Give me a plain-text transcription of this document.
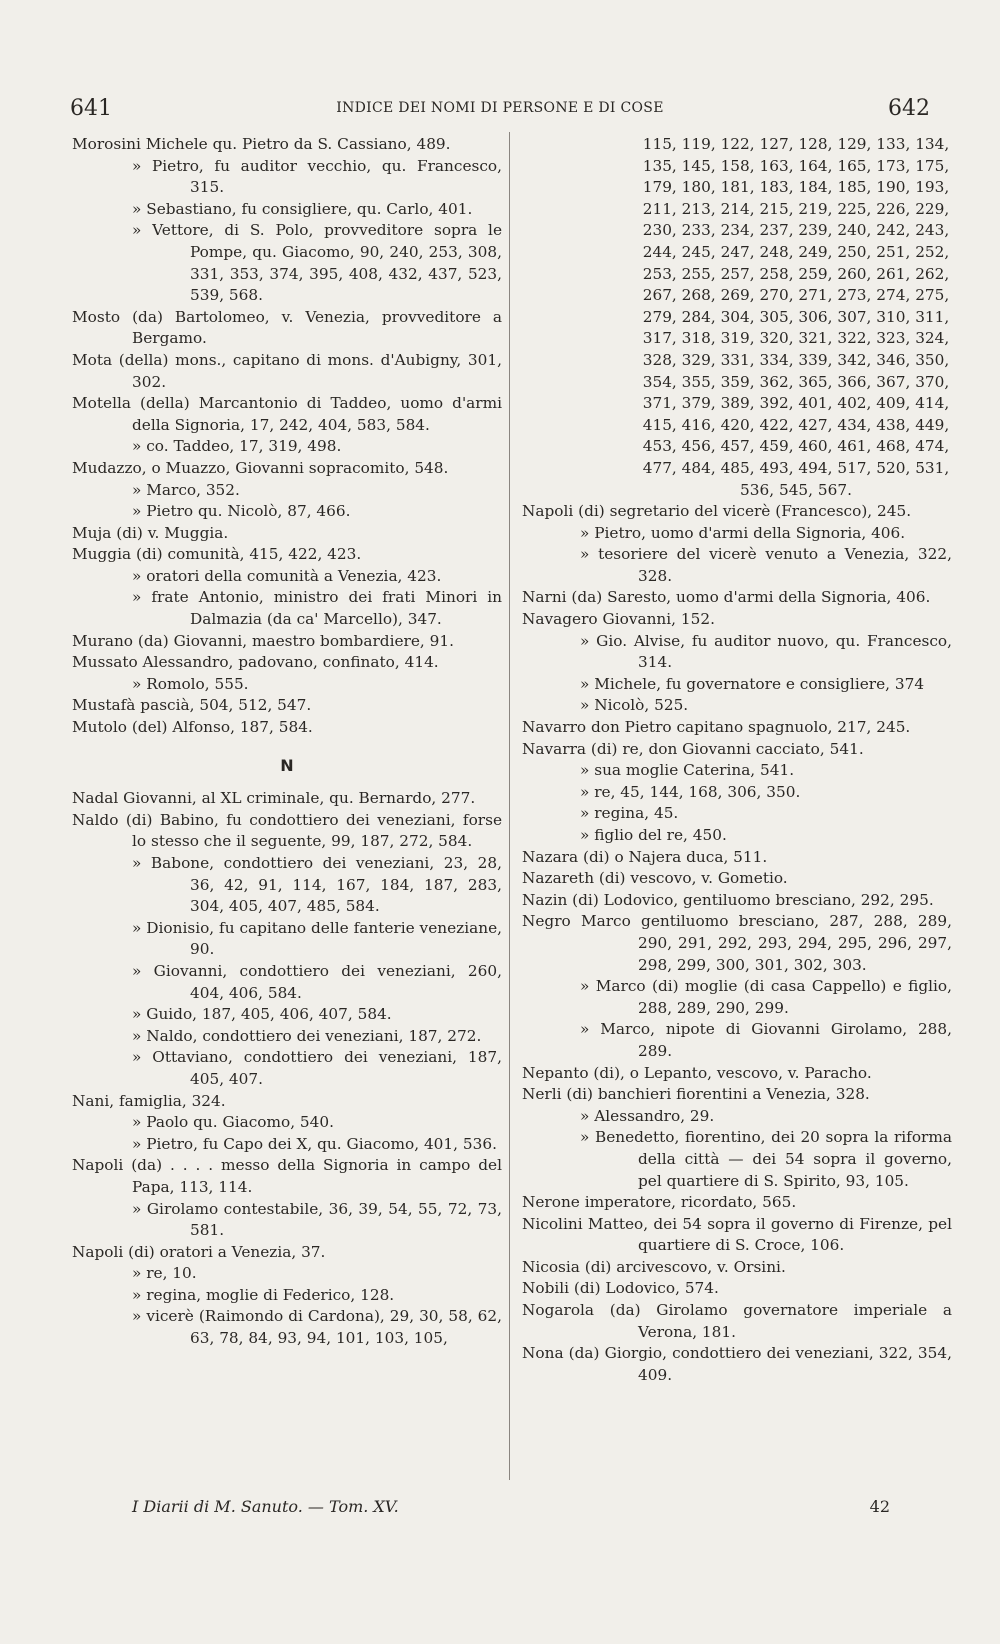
641	INDICE DEI NOMI DI PERSONE E DI COSE	642

Morosini Michele qu. Pietro da S. Cassiano, 489.

» Pietro, fu auditor vecchio, qu. Francesco, 315.

» Sebastiano, fu consigliere, qu. Carlo, 401.

» Vettore, di S. Polo, provveditore sopra le Pompe, qu. Giacomo, 90, 240, 253, 308, 331, 353, 374, 395, 408, 432, 437, 523, 539, 568.

Mosto (da) Bartolomeo, v. Venezia, provveditore a Bergamo.

Mota (della) mons., capitano di mons. d'Aubigny, 301, 302.

Motella (della) Marcantonio di Taddeo, uomo d'armi della Signoria, 17, 242, 404, 583, 584.

» co. Taddeo, 17, 319, 498.

Mudazzo, o Muazzo, Giovanni sopracomito, 548.

» Marco, 352.

» Pietro qu. Nicolò, 87, 466.

Muja (di) v. Muggia.

Muggia (di) comunità, 415, 422, 423.

» oratori della comunità a Venezia, 423.

» frate Antonio, ministro dei frati Minori in Dalmazia (da ca' Marcello), 347.

Murano (da) Giovanni, maestro bombardiere, 91.

Mussato Alessandro, padovano, confinato, 414.

» Romolo, 555.

Mustafà pascià, 504, 512, 547.

Mutolo (del) Alfonso, 187, 584.

N

Nadal Giovanni, al XL criminale, qu. Bernardo, 277.

Naldo (di) Babino, fu condottiero dei veneziani, forse lo stesso che il seguente, 99, 187, 272, 584.

» Babone, condottiero dei veneziani, 23, 28, 36, 42, 91, 114, 167, 184, 187, 283, 304, 405, 407, 485, 584.

» Dionisio, fu capitano delle fanterie veneziane, 90.

» Giovanni, condottiero dei veneziani, 260, 404, 406, 584.

» Guido, 187, 405, 406, 407, 584.

» Naldo, condottiero dei veneziani, 187, 272.

» Ottaviano, condottiero dei veneziani, 187, 405, 407.

Nani, famiglia, 324.

» Paolo qu. Giacomo, 540.

» Pietro, fu Capo dei X, qu. Giacomo, 401, 536.

Napoli (da) . . . . messo della Signoria in campo del Papa, 113, 114.

» Girolamo contestabile, 36, 39, 54, 55, 72, 73, 581.

Napoli (di) oratori a Venezia, 37.

» re, 10.

» regina, moglie di Federico, 128.

» vicerè (Raimondo di Cardona), 29, 30, 58, 62, 63, 78, 84, 93, 94, 101, 103, 105,

115, 119, 122, 127, 128, 129, 133, 134, 135, 145, 158, 163, 164, 165, 173, 175, 179, 180, 181, 183, 184, 185, 190, 193, 211, 213, 214, 215, 219, 225, 226, 229, 230, 233, 234, 237, 239, 240, 242, 243, 244, 245, 247, 248, 249, 250, 251, 252, 253, 255, 257, 258, 259, 260, 261, 262, 267, 268, 269, 270, 271, 273, 274, 275, 279, 284, 304, 305, 306, 307, 310, 311, 317, 318, 319, 320, 321, 322, 323, 324, 328, 329, 331, 334, 339, 342, 346, 350, 354, 355, 359, 362, 365, 366, 367, 370, 371, 379, 389, 392, 401, 402, 409, 414, 415, 416, 420, 422, 427, 434, 438, 449, 453, 456, 457, 459, 460, 461, 468, 474, 477, 484, 485, 493, 494, 517, 520, 531, 536, 545, 567.

Napoli (di) segretario del vicerè (Francesco), 245.

» Pietro, uomo d'armi della Signoria, 406.

» tesoriere del vicerè venuto a Venezia, 322, 328.

Narni (da) Saresto, uomo d'armi della Signoria, 406.

Navagero Giovanni, 152.

» Gio. Alvise, fu auditor nuovo, qu. Francesco, 314.

» Michele, fu governatore e consigliere, 374

» Nicolò, 525.

Navarro don Pietro capitano spagnuolo, 217, 245.

Navarra (di) re, don Giovanni cacciato, 541.

» sua moglie Caterina, 541.

» re, 45, 144, 168, 306, 350.

» regina, 45.

» figlio del re, 450.

Nazara (di) o Najera duca, 511.

Nazareth (di) vescovo, v. Gometio.

Nazin (di) Lodovico, gentiluomo bresciano, 292, 295.

Negro Marco gentiluomo bresciano, 287, 288, 289, 290, 291, 292, 293, 294, 295, 296, 297, 298, 299, 300, 301, 302, 303.

» Marco (di) moglie (di casa Cappello) e figlio, 288, 289, 290, 299.

» Marco, nipote di Giovanni Girolamo, 288, 289.

Nepanto (di), o Lepanto, vescovo, v. Paracho.

Nerli (di) banchieri fiorentini a Venezia, 328.

» Alessandro, 29.

» Benedetto, fiorentino, dei 20 sopra la riforma della città — dei 54 sopra il governo, pel quartiere di S. Spirito, 93, 105.

Nerone imperatore, ricordato, 565.

Nicolini Matteo, dei 54 sopra il governo di Firenze, pel quartiere di S. Croce, 106.

Nicosia (di) arcivescovo, v. Orsini.

Nobili (di) Lodovico, 574.

Nogarola (da) Girolamo governatore imperiale a Verona, 181.

Nona (da) Giorgio, condottiero dei veneziani, 322, 354, 409.

I Diarii di M. Sanuto. — Tom. XV.	42
